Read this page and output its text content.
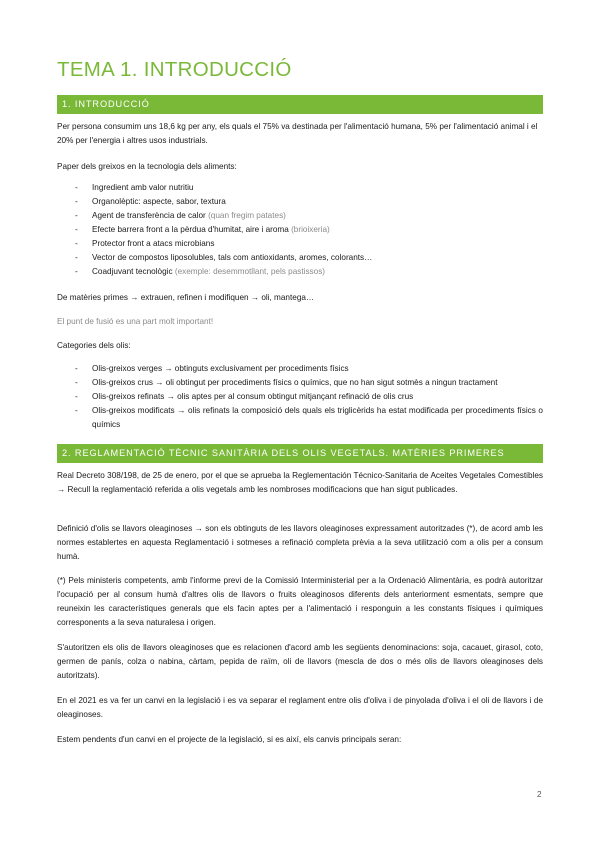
TEMA 1. INTRODUCCIÓ
1. INTRODUCCIÓ
Per persona consumim uns 18,6 kg per any, els quals el 75% va destinada per l'alimentació humana, 5% per l'alimentació animal i el 20% per l'energia i altres usos industrials.
Paper dels greixos en la tecnologia dels aliments:
- Ingredient amb valor nutritiu
- Organolèptic: aspecte, sabor, textura
- Agent de transferència de calor (quan fregim patates)
- Efecte barrera front a la pèrdua d'humitat, aire i aroma (brioixeria)
- Protector front a atacs microbians
- Vector de compostos liposolubles, tals com antioxidants, aromes, colorants…
- Coadjuvant tecnològic (exemple: desemmotllant, pels pastissos)
De matèries primes → extrauen, refinen i modifiquen → oli, mantega…
El punt de fusió es una part molt important!
Categories dels olis:
- Olis-greixos verges → obtinguts exclusivament per procediments físics
- Olis-greixos crus → oli obtingut per procediments físics o químics, que no han sigut sotmès a ningun tractament
- Olis-greixos refinats → olis aptes per al consum obtingut mitjançant refinació de olis crus
- Olis-greixos modificats → olis refinats la composició dels quals els triglicèrids ha estat modificada per procediments físics o químics
2. REGLAMENTACIÓ TÈCNIC SANITÀRIA DELS OLIS VEGETALS. MATÈRIES PRIMERES
Real Decreto 308/198, de 25 de enero, por el que se aprueba la Reglementación Técnico-Sanitaria de Aceites Vegetales Comestibles → Recull la reglamentació referida a olis vegetals amb les nombroses modificacions que han sigut publicades.
Definició d'olis se llavors oleaginoses → son els obtinguts de les llavors oleaginoses expressament autoritzades (*), de acord amb les normes establertes en aquesta Reglamentació i sotmeses a refinació completa prèvia a la seva utilització com a olis per a consum humà.
(*) Pels ministeris competents, amb l'informe previ de la Comissió Interministerial per a la Ordenació Alimentària, es podrà autoritzar l'ocupació per al consum humà d'altres olis de llavors o fruits oleaginosos diferents dels anteriorment esmentats, sempre que reuneixin les característiques generals que els facin aptes per a l'alimentació i responguin a les constants físiques i químiques corresponents a la seva naturalesa i origen.
S'autoritzen els olis de llavors oleaginoses que es relacionen d'acord amb les següents denominacions: soja, cacauet, girasol, coto, germen de panís, colza o nabina, càrtam, pepida de raïm, oli de llavors (mescla de dos o més olis de llavors oleaginoses dels autoritzats).
En el 2021 es va fer un canvi en la legislació i es va separar el reglament entre olis d'oliva i de pinyolada d'oliva i el oli de llavors i de oleaginoses.
Estem pendents d'un canvi en el projecte de la legislació, si es així, els canvis principals seran:
2
